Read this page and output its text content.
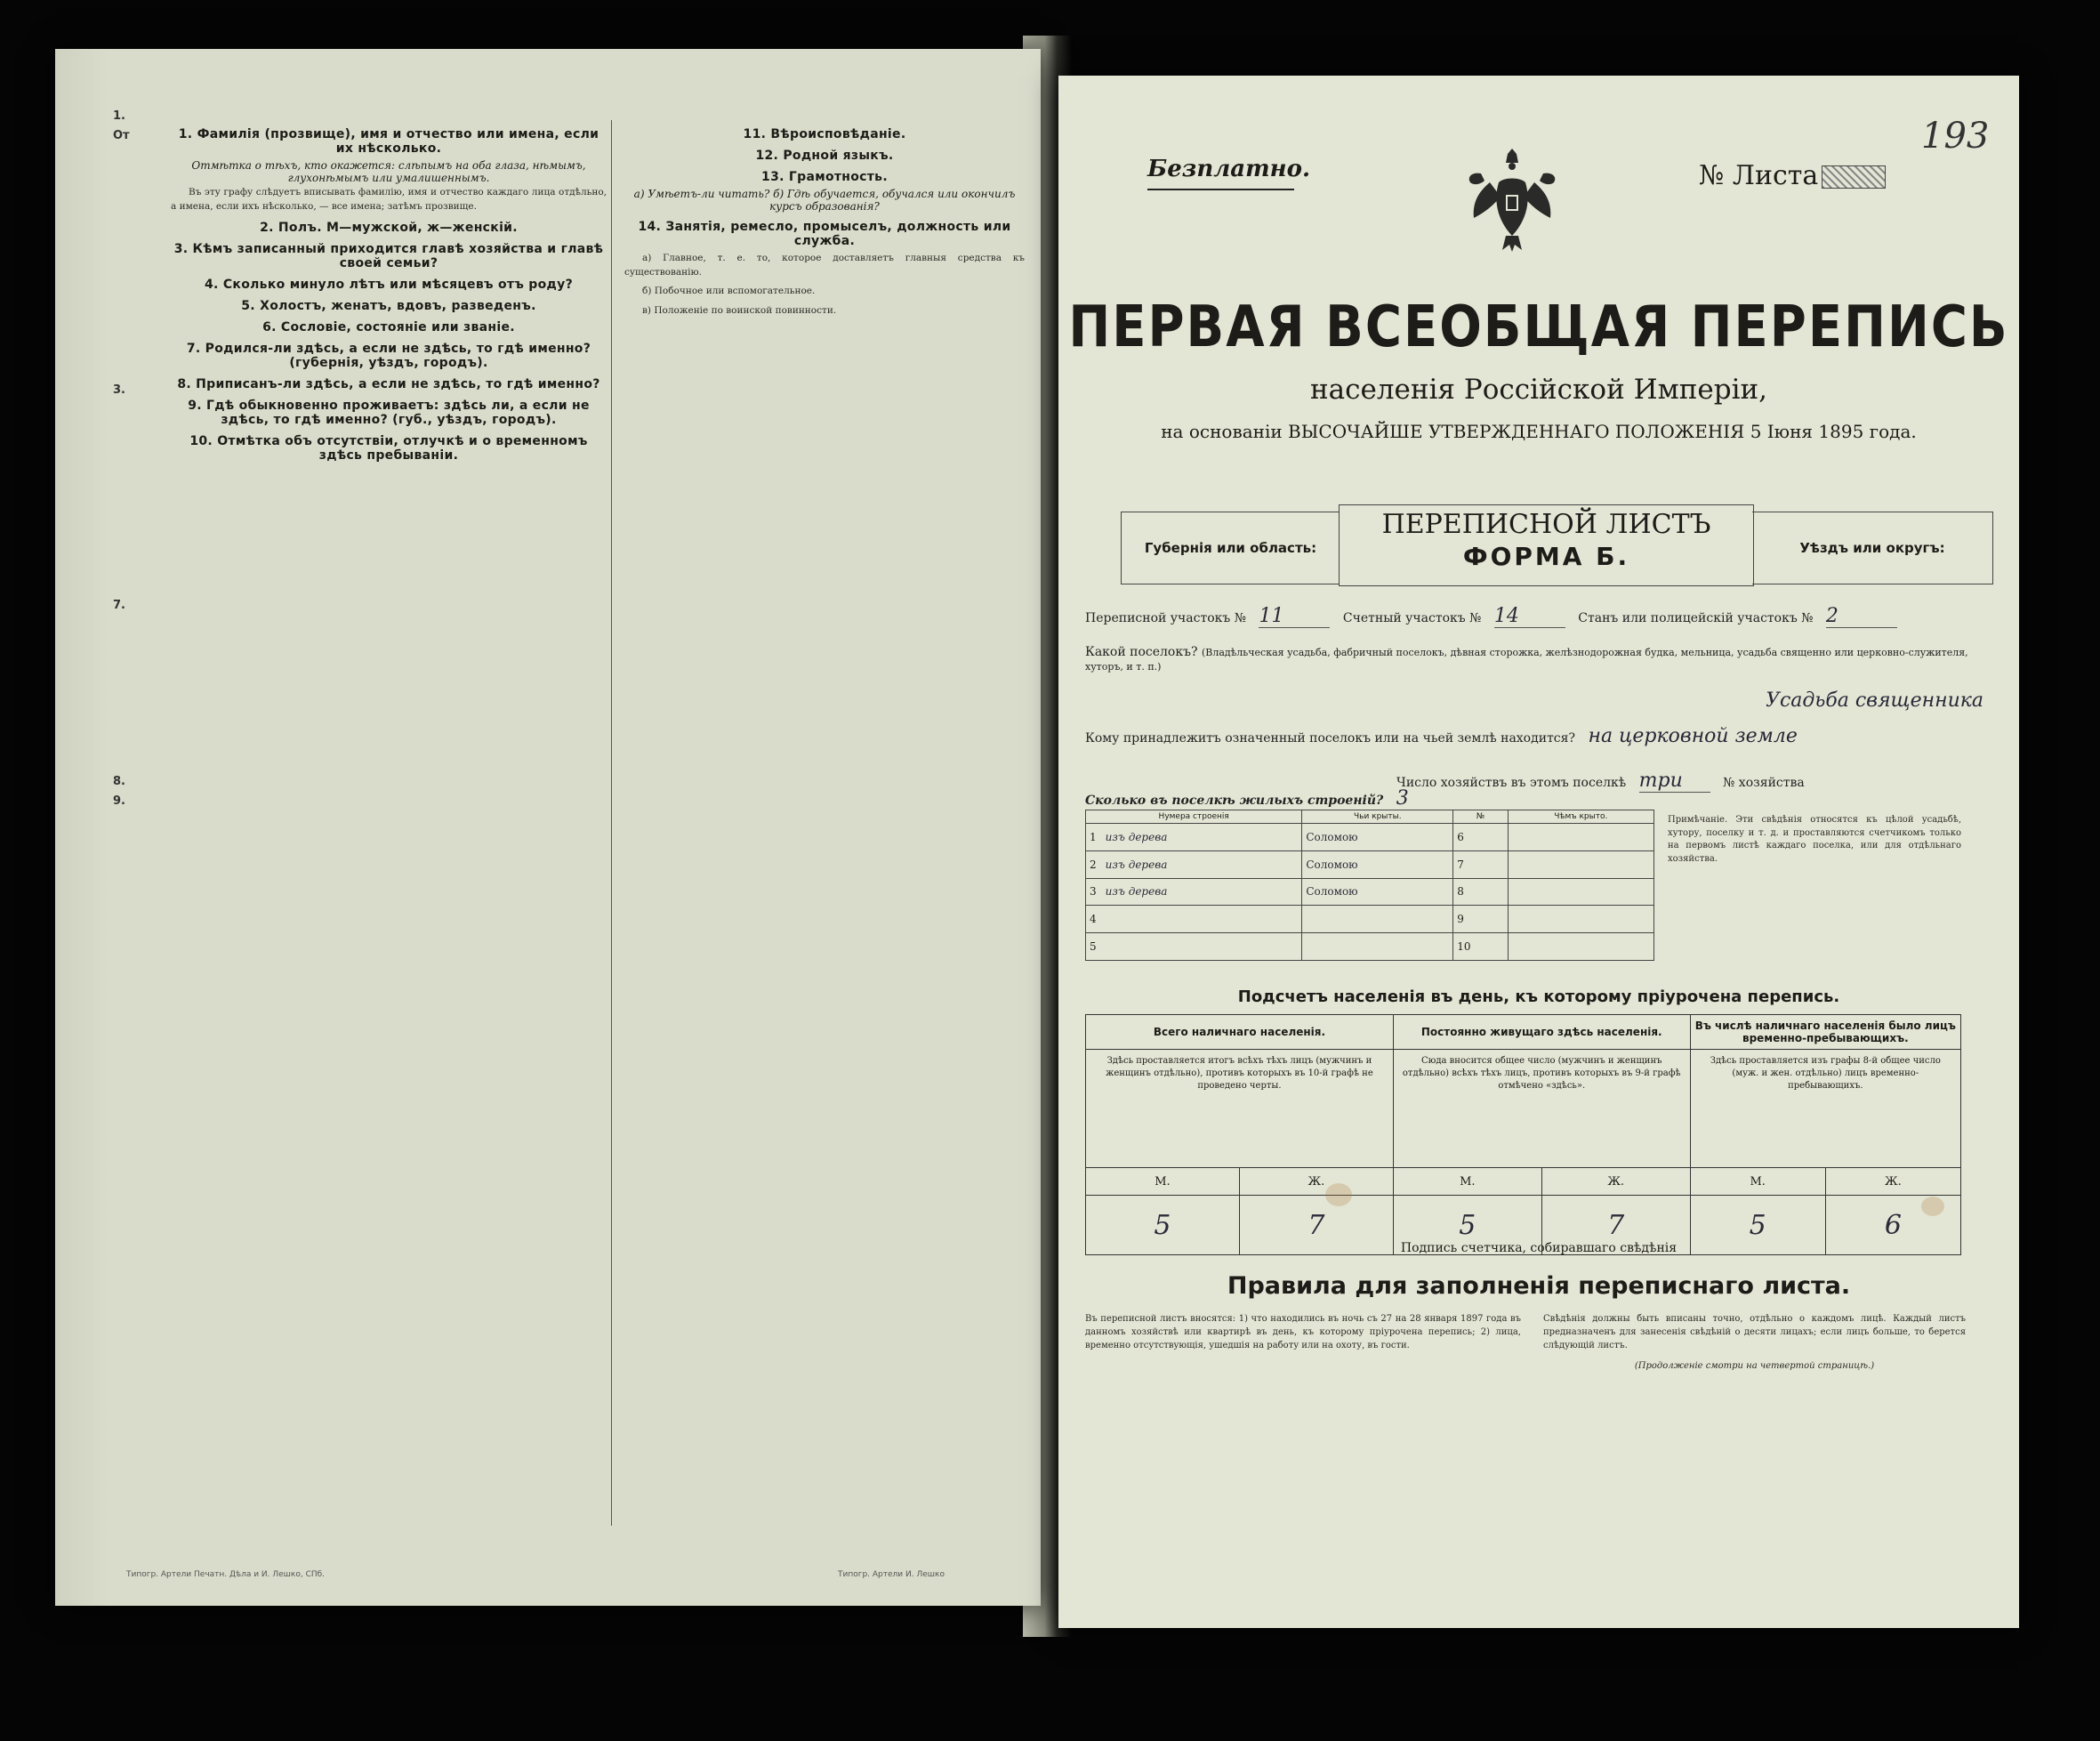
1.
От
3.
7.
8.
9.
1. Фамилія (прозвище), имя и отчество или имена, если их нѣсколько.
Отмѣтка о тѣхъ, кто окажется: слѣпымъ на оба глаза, нѣмымъ, глухонѣмымъ или умалишеннымъ.
Въ эту графу слѣдуетъ вписывать фамилію, имя и отчество каждаго лица отдѣльно, а имена, если ихъ нѣсколько, — все имена; затѣмъ прозвище.
2. Полъ. М—мужской, ж—женскій.
3. Кѣмъ записанный приходится главѣ хозяйства и главѣ своей семьи?
4. Сколько минуло лѣтъ или мѣсяцевъ отъ роду?
5. Холостъ, женатъ, вдовъ, разведенъ.
6. Сословіе, состояніе или званіе.
7. Родился-ли здѣсь, а если не здѣсь, то гдѣ именно? (губернія, уѣздъ, городъ).
8. Приписанъ-ли здѣсь, а если не здѣсь, то гдѣ именно?
9. Гдѣ обыкновенно проживаетъ: здѣсь ли, а если не здѣсь, то гдѣ именно? (губ., уѣздъ, городъ).
10. Отмѣтка объ отсутствіи, отлучкѣ и о временномъ здѣсь пребываніи.
11. Вѣроисповѣданіе.
12. Родной языкъ.
13. Грамотность.
а) Умѣетъ-ли читать? б) Гдѣ обучается, обучался или окончилъ курсъ образованія?
14. Занятія, ремесло, промыселъ, должность или служба.
а) Главное, т. е. то, которое доставляетъ главныя средства къ существованію.
б) Побочное или вспомогательное.
в) Положеніе по воинской повинности.
Типогр. Артели Печатн. Дѣла и И. Лешко, СПб.	Типогр. Артели И. Лешко
193
Безплатно.	№ Листа
ПЕРВАЯ ВСЕОБЩАЯ ПЕРЕПИСЬ
населенія Россійской Имперіи,
на основаніи ВЫСОЧАЙШЕ УТВЕРЖДЕННАГО ПОЛОЖЕНІЯ 5 Іюня 1895 года.
Губернія или область:
ПЕРЕПИСНОЙ ЛИСТЪ
ФОРМА Б.	Уѣздъ или округъ:
Переписной участокъ № 11	Счетный участокъ № 14	Станъ или полицейскій участокъ № 2
Какой поселокъ? (Владѣльческая усадьба, фабричный поселокъ, дѣвная сторожка, желѣзнодорожная будка, мельница, усадьба священно или церковно-служителя, хуторъ, и т. п.)
Усадьба священника
Кому принадлежитъ означенный поселокъ или на чьей землѣ находится? на церковной земле
Число хозяйствъ въ этомъ поселкѣ три	№ хозяйства
Сколько въ поселкѣ жилыхъ строеній? 3
Нумера строенія	Чьи крыты.	№	Чѣмъ крыто.
1 изъ дерева	Соломою	6	
2 изъ дерева	Соломою	7	
3 изъ дерева	Соломою	8	
4		9	
5		10	
Примѣчаніе. Эти свѣдѣнія относятся къ цѣлой усадьбѣ, хутору, поселку и т. д. и проставляются счетчикомъ только на первомъ листѣ каждаго поселка, или для отдѣльнаго хозяйства.
Подсчетъ населенія въ день, къ которому пріурочена перепись.
Всего наличнаго населенія.		Постоянно живущаго здѣсь населенія.		Въ числѣ наличнаго населенія было лицъ временно-пребывающихъ.	
Здѣсь проставляется итогъ всѣхъ тѣхъ лицъ (мужчинъ и женщинъ отдѣльно), противъ которыхъ въ 10-й графѣ не проведено черты.		Сюда вносится общее число (мужчинъ и женщинъ отдѣльно) всѣхъ тѣхъ лицъ, противъ которыхъ въ 9-й графѣ отмѣчено «здѣсь».		Здѣсь проставляется изъ графы 8-й общее число (муж. и жен. отдѣльно) лицъ временно-пребывающихъ.	
М.	Ж.	М.	Ж.	М.	Ж.
5	7	5	7	5	6
Подпись счетчика, собиравшаго свѣдѣнія
Правила для заполненія переписнаго листа.
Въ переписной листъ вносятся: 1) что находились въ ночь съ 27 на 28 января 1897 года въ данномъ хозяйствѣ или квартирѣ въ день, къ которому пріурочена перепись; 2) лица, временно отсутствующія, ушедшія на работу или на охоту, въ гости.
Свѣдѣнія должны быть вписаны точно, отдѣльно о каждомъ лицѣ. Каждый листъ предназначенъ для занесенія свѣдѣній о десяти лицахъ; если лицъ больше, то берется слѣдующій листъ.
(Продолженіе смотри на четвертой страницѣ.)
